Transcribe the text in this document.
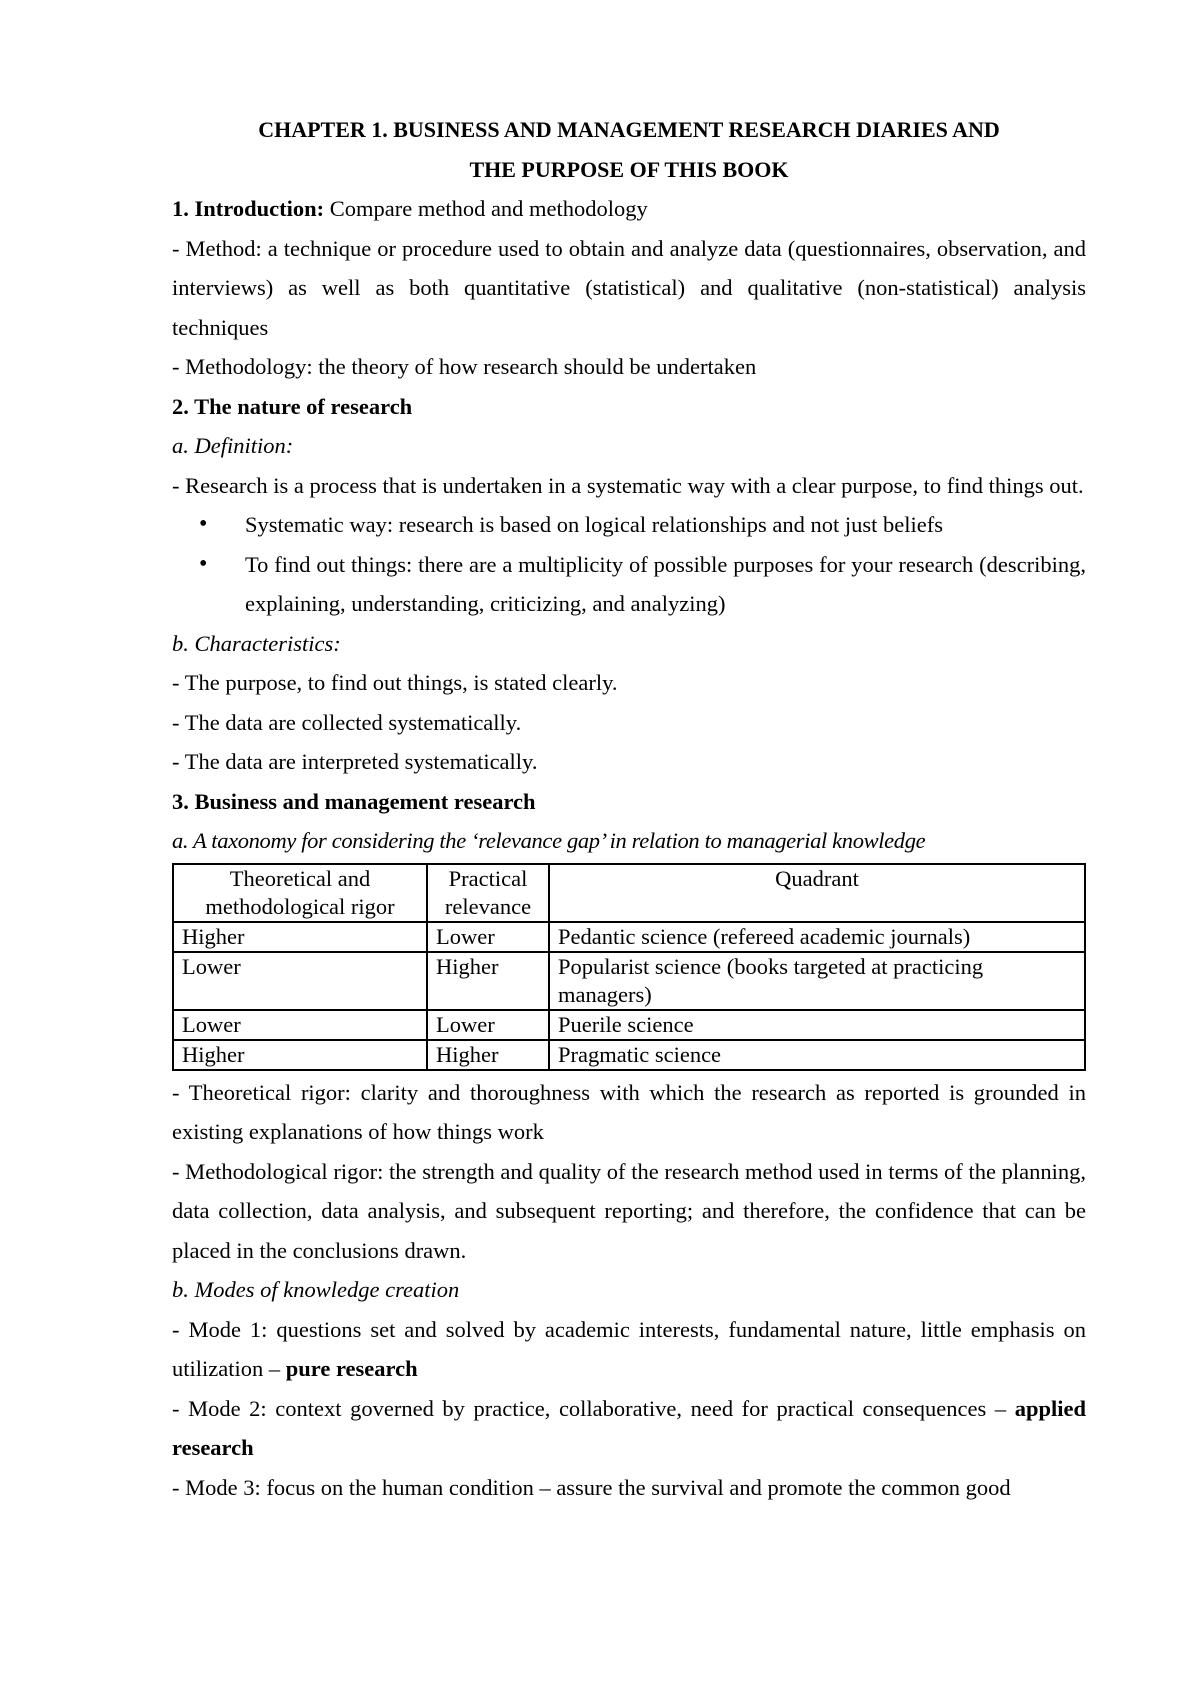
CHAPTER 1. BUSINESS AND MANAGEMENT RESEARCH DIARIES AND

THE PURPOSE OF THIS BOOK

1. Introduction: Compare method and methodology

- Method: a technique or procedure used to obtain and analyze data (questionnaires, observation, and interviews) as well as both quantitative (statistical) and qualitative (non-statistical) analysis techniques

- Methodology: the theory of how research should be undertaken

2. The nature of research

a. Definition:

- Research is a process that is undertaken in a systematic way with a clear purpose, to find things out.

• Systematic way: research is based on logical relationships and not just beliefs
• To find out things: there are a multiplicity of possible purposes for your research (describing, explaining, understanding, criticizing, and analyzing)

b. Characteristics:

- The purpose, to find out things, is stated clearly.

- The data are collected systematically.

- The data are interpreted systematically.

3. Business and management research

a. A taxonomy for considering the ‘relevance gap’ in relation to managerial knowledge

Theoretical and methodological rigor	Practical relevance	Quadrant
Higher	Lower	Pedantic science (refereed academic journals)
Lower	Higher	Popularist science (books targeted at practicing managers)
Lower	Lower	Puerile science
Higher	Higher	Pragmatic science

- Theoretical rigor: clarity and thoroughness with which the research as reported is grounded in existing explanations of how things work

- Methodological rigor: the strength and quality of the research method used in terms of the planning, data collection, data analysis, and subsequent reporting; and therefore, the confidence that can be placed in the conclusions drawn.

b. Modes of knowledge creation

- Mode 1: questions set and solved by academic interests, fundamental nature, little emphasis on utilization – pure research

- Mode 2: context governed by practice, collaborative, need for practical consequences – applied research

- Mode 3: focus on the human condition – assure the survival and promote the common good
